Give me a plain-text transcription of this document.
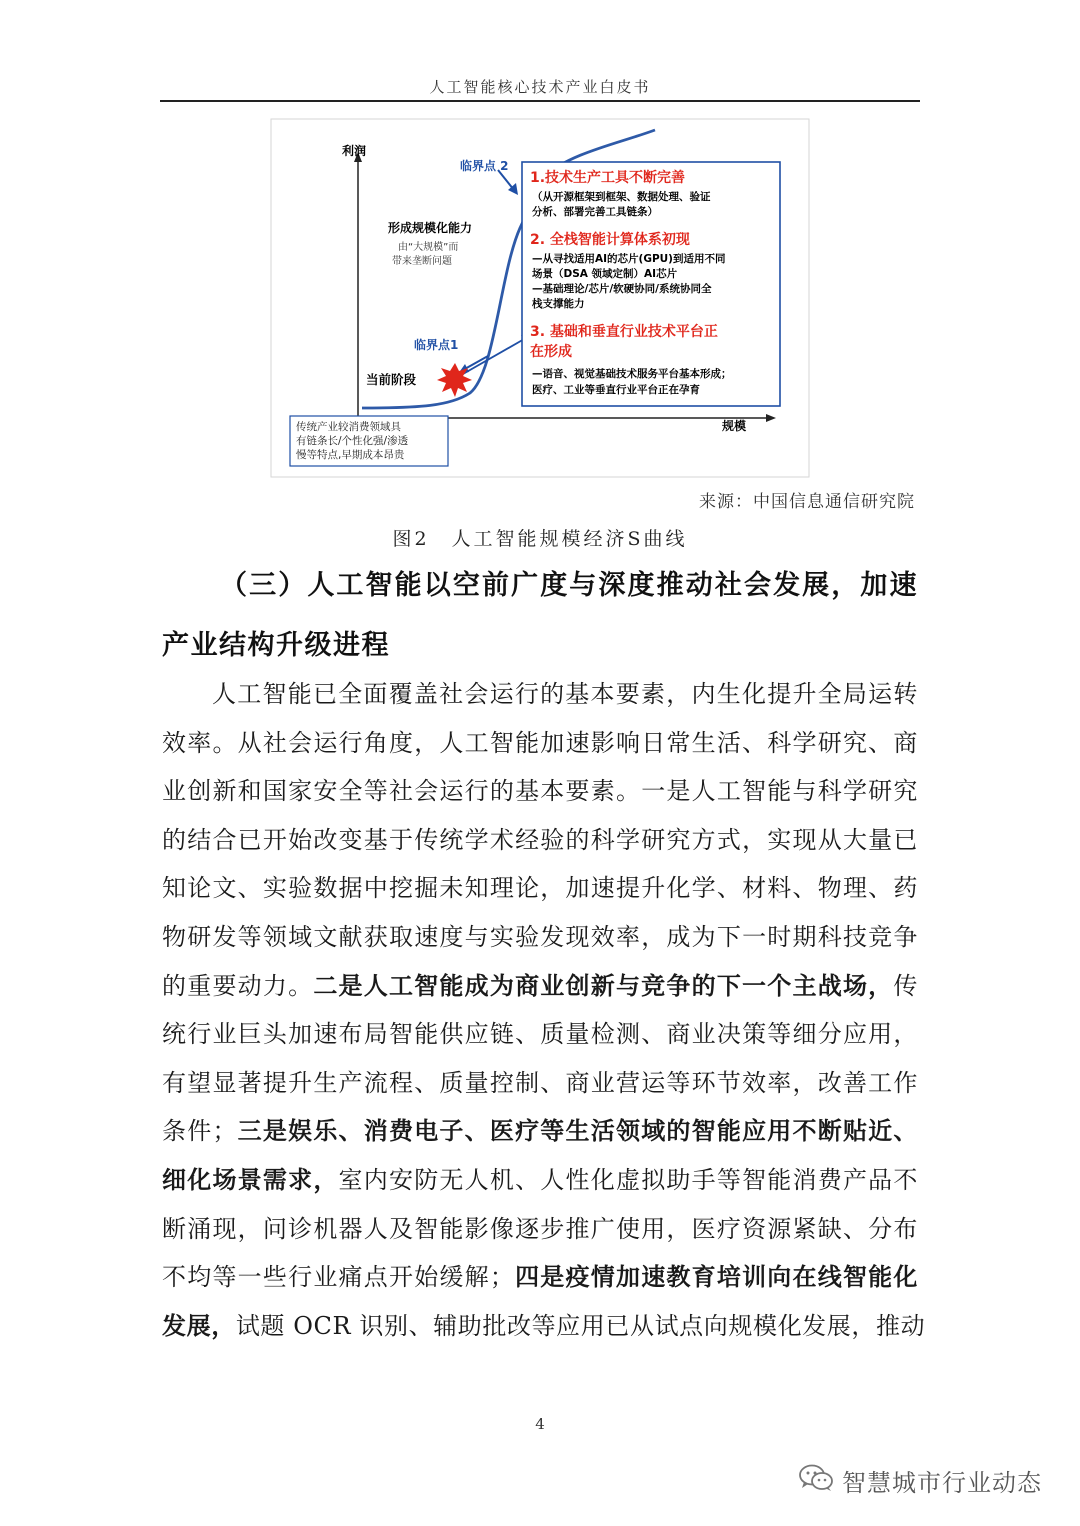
人工智能核心技术产业白皮书
利润
规模
临界点 2
临界点1
当前阶段
形成规模化能力
由“大规模”而
带来垄断问题
传统产业较消费领域具
有链条长/个性化强/渗透
慢等特点,早期成本昂贵
1.技术生产工具不断完善
（从开源框架到框架、数据处理、验证
分析、部署完善工具链条）
2. 全栈智能计算体系初现
—从寻找适用AI的芯片(GPU)到适用不同
场景（DSA 领域定制）AI芯片
—基础理论/芯片/软硬协同/系统协同全
栈支撑能力
3. 基础和垂直行业技术平台正
在形成
—语音、视觉基础技术服务平台基本形成；
医疗、工业等垂直行业平台正在孕育
来源：中国信息通信研究院
图2　人工智能规模经济S曲线
（三）人工智能以空前广度与深度推动社会发展，加速
产业结构升级进程
人工智能已全面覆盖社会运行的基本要素，内生化提升全局运转
效率。从社会运行角度，人工智能加速影响日常生活、科学研究、商
业创新和国家安全等社会运行的基本要素。一是人工智能与科学研究
的结合已开始改变基于传统学术经验的科学研究方式，实现从大量已
知论文、实验数据中挖掘未知理论，加速提升化学、材料、物理、药
物研发等领域文献获取速度与实验发现效率，成为下一时期科技竞争
的重要动力。二是人工智能成为商业创新与竞争的下一个主战场，传
统行业巨头加速布局智能供应链、质量检测、商业决策等细分应用，
有望显著提升生产流程、质量控制、商业营运等环节效率，改善工作
条件；三是娱乐、消费电子、医疗等生活领域的智能应用不断贴近、
细化场景需求，室内安防无人机、人性化虚拟助手等智能消费产品不
断涌现，问诊机器人及智能影像逐步推广使用，医疗资源紧缺、分布
不均等一些行业痛点开始缓解；四是疫情加速教育培训向在线智能化
发展，试题 OCR 识别、辅助批改等应用已从试点向规模化发展，推动
4
智慧城市行业动态
